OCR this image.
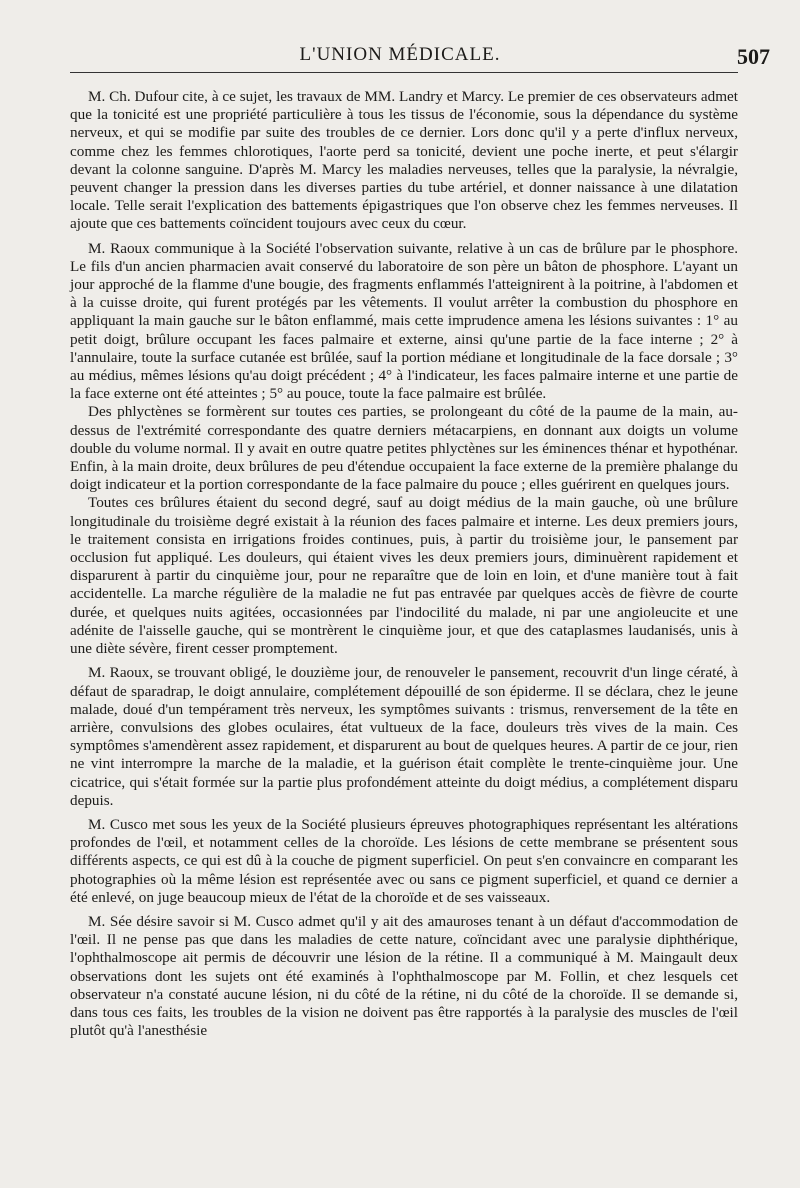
L'UNION MÉDICALE.	507

M. Ch. Dufour cite, à ce sujet, les travaux de MM. Landry et Marcy. Le premier de ces observateurs admet que la tonicité est une propriété particulière à tous les tissus de l'économie, sous la dépendance du système nerveux, et qui se modifie par suite des troubles de ce dernier. Lors donc qu'il y a perte d'influx nerveux, comme chez les femmes chlorotiques, l'aorte perd sa tonicité, devient une poche inerte, et peut s'élargir devant la colonne sanguine. D'après M. Marcy les maladies nerveuses, telles que la paralysie, la névralgie, peuvent changer la pression dans les diverses parties du tube artériel, et donner naissance à une dilatation locale. Telle serait l'explication des battements épigastriques que l'on observe chez les femmes nerveuses. Il ajoute que ces battements coïncident toujours avec ceux du cœur.

M. Raoux communique à la Société l'observation suivante, relative à un cas de brûlure par le phosphore. Le fils d'un ancien pharmacien avait conservé du laboratoire de son père un bâton de phosphore. L'ayant un jour approché de la flamme d'une bougie, des fragments enflammés l'atteignirent à la poitrine, à l'abdomen et à la cuisse droite, qui furent protégés par les vêtements. Il voulut arrêter la combustion du phosphore en appliquant la main gauche sur le bâton enflammé, mais cette imprudence amena les lésions suivantes : 1° au petit doigt, brûlure occupant les faces palmaire et externe, ainsi qu'une partie de la face interne ; 2° à l'annulaire, toute la surface cutanée est brûlée, sauf la portion médiane et longitudinale de la face dorsale ; 3° au médius, mêmes lésions qu'au doigt précédent ; 4° à l'indicateur, les faces palmaire interne et une partie de la face externe ont été atteintes ; 5° au pouce, toute la face palmaire est brûlée.

Des phlyctènes se formèrent sur toutes ces parties, se prolongeant du côté de la paume de la main, au-dessus de l'extrémité correspondante des quatre derniers métacarpiens, en donnant aux doigts un volume double du volume normal. Il y avait en outre quatre petites phlyctènes sur les éminences thénar et hypothénar. Enfin, à la main droite, deux brûlures de peu d'étendue occupaient la face externe de la première phalange du doigt indicateur et la portion correspondante de la face palmaire du pouce ; elles guérirent en quelques jours.

Toutes ces brûlures étaient du second degré, sauf au doigt médius de la main gauche, où une brûlure longitudinale du troisième degré existait à la réunion des faces palmaire et interne. Les deux premiers jours, le traitement consista en irrigations froides continues, puis, à partir du troisième jour, le pansement par occlusion fut appliqué. Les douleurs, qui étaient vives les deux premiers jours, diminuèrent rapidement et disparurent à partir du cinquième jour, pour ne reparaître que de loin en loin, et d'une manière tout à fait accidentelle. La marche régulière de la maladie ne fut pas entravée par quelques accès de fièvre de courte durée, et quelques nuits agitées, occasionnées par l'indocilité du malade, ni par une angioleucite et une adénite de l'aisselle gauche, qui se montrèrent le cinquième jour, et que des cataplasmes laudanisés, unis à une diète sévère, firent cesser promptement.

M. Raoux, se trouvant obligé, le douzième jour, de renouveler le pansement, recouvrit d'un linge cératé, à défaut de sparadrap, le doigt annulaire, complétement dépouillé de son épiderme. Il se déclara, chez le jeune malade, doué d'un tempérament très nerveux, les symptômes suivants : trismus, renversement de la tête en arrière, convulsions des globes oculaires, état vultueux de la face, douleurs très vives de la main. Ces symptômes s'amendèrent assez rapidement, et disparurent au bout de quelques heures. A partir de ce jour, rien ne vint interrompre la marche de la maladie, et la guérison était complète le trente-cinquième jour. Une cicatrice, qui s'était formée sur la partie plus profondément atteinte du doigt médius, a complétement disparu depuis.

M. Cusco met sous les yeux de la Société plusieurs épreuves photographiques représentant les altérations profondes de l'œil, et notamment celles de la choroïde. Les lésions de cette membrane se présentent sous différents aspects, ce qui est dû à la couche de pigment superficiel. On peut s'en convaincre en comparant les photographies où la même lésion est représentée avec ou sans ce pigment superficiel, et quand ce dernier a été enlevé, on juge beaucoup mieux de l'état de la choroïde et de ses vaisseaux.

M. Sée désire savoir si M. Cusco admet qu'il y ait des amauroses tenant à un défaut d'accommodation de l'œil. Il ne pense pas que dans les maladies de cette nature, coïncidant avec une paralysie diphthérique, l'ophthalmoscope ait permis de découvrir une lésion de la rétine. Il a communiqué à M. Maingault deux observations dont les sujets ont été examinés à l'ophthalmoscope par M. Follin, et chez lesquels cet observateur n'a constaté aucune lésion, ni du côté de la rétine, ni du côté de la choroïde. Il se demande si, dans tous ces faits, les troubles de la vision ne doivent pas être rapportés à la paralysie des muscles de l'œil plutôt qu'à l'anesthésie
